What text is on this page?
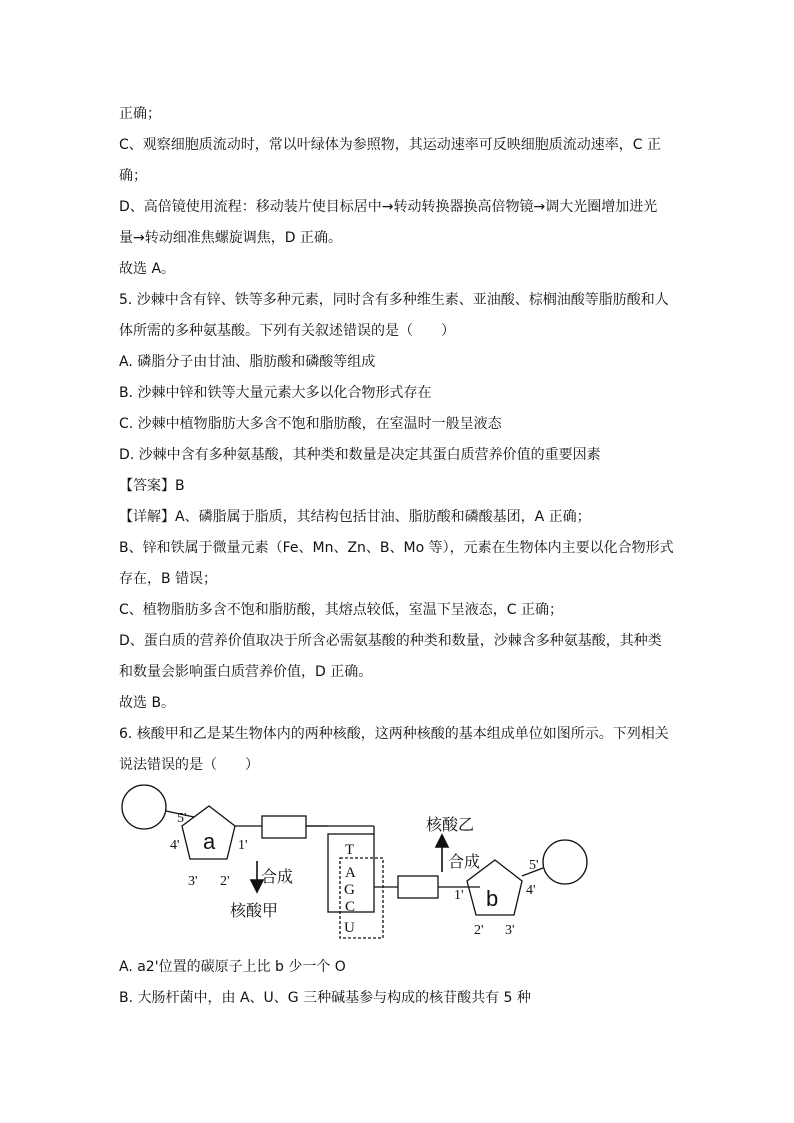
正确；
C、观察细胞质流动时，常以叶绿体为参照物，其运动速率可反映细胞质流动速率，C 正
确；
D、高倍镜使用流程：移动装片使目标居中→转动转换器换高倍物镜→调大光圈增加进光
量→转动细准焦螺旋调焦，D 正确。
故选 A。
5. 沙棘中含有锌、铁等多种元素，同时含有多种维生素、亚油酸、棕榈油酸等脂肪酸和人
体所需的多种氨基酸。下列有关叙述错误的是（　　）
A. 磷脂分子由甘油、脂肪酸和磷酸等组成
B. 沙棘中锌和铁等大量元素大多以化合物形式存在
C. 沙棘中植物脂肪大多含不饱和脂肪酸，在室温时一般呈液态
D. 沙棘中含有多种氨基酸，其种类和数量是决定其蛋白质营养价值的重要因素
【答案】B
【详解】A、磷脂属于脂质，其结构包括甘油、脂肪酸和磷酸基团，A 正确；
B、锌和铁属于微量元素（Fe、Mn、Zn、B、Mo 等），元素在生物体内主要以化合物形式
存在，B 错误；
C、植物脂肪多含不饱和脂肪酸，其熔点较低，室温下呈液态，C 正确；
D、蛋白质的营养价值取决于所含必需氨基酸的种类和数量，沙棘含多种氨基酸，其种类
和数量会影响蛋白质营养价值，D 正确。
故选 B。
6. 核酸甲和乙是某生物体内的两种核酸，这两种核酸的基本组成单位如图所示。下列相关
说法错误的是（　　）
5'
4' a 1'
3' 2' 合成
核酸甲
T
A
G
C
U
核酸乙
合成
1' b 4'
5'
2' 3'
A. a2'位置的碳原子上比 b 少一个 O
B. 大肠杆菌中，由 A、U、G 三种碱基参与构成的核苷酸共有 5 种
